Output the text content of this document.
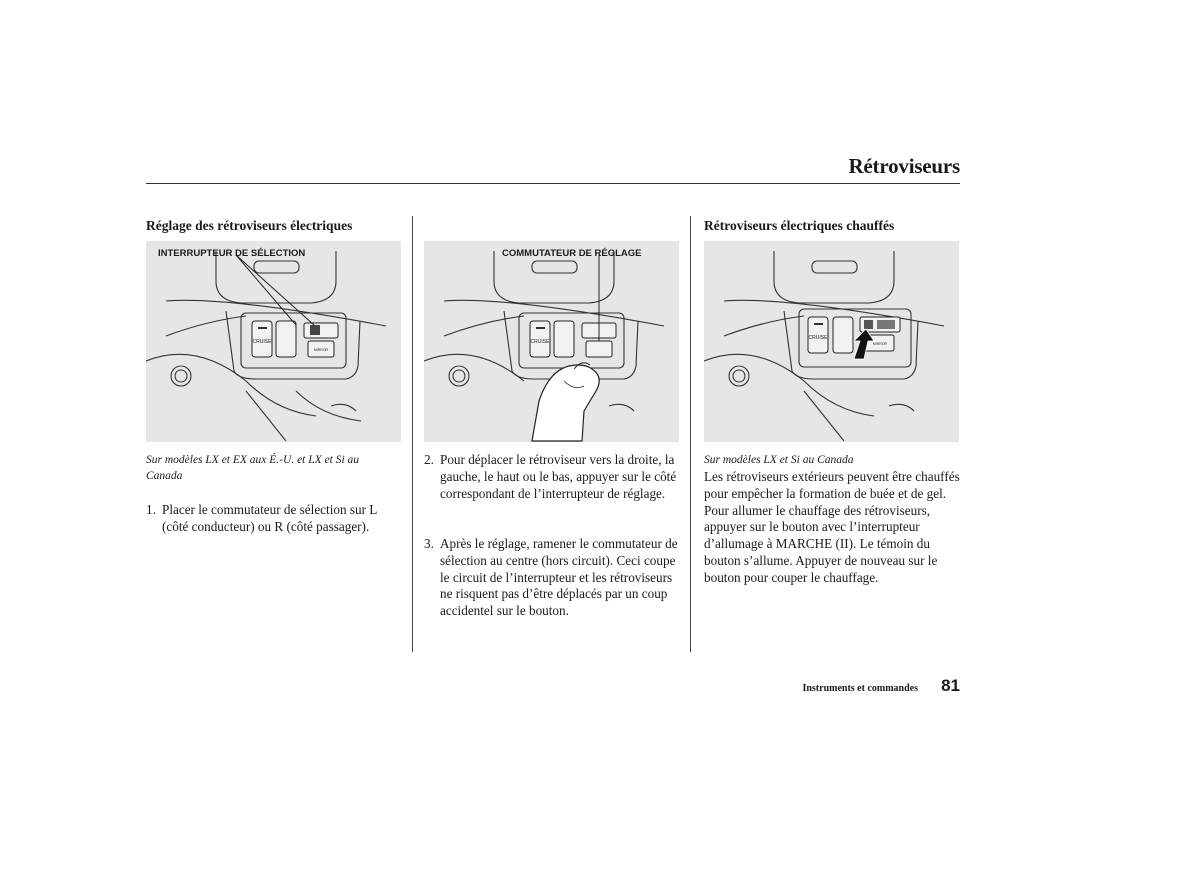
Rétroviseurs
Réglage des rétroviseurs électriques
CRUISE
MIRROR
INTERRUPTEUR DE SÉLECTION
Sur modèles LX et EX aux É.-U. et LX et Si au Canada
1. Placer le commutateur de sélection sur L (côté conducteur) ou R (côté passager).
CRUISE
COMMUTATEUR DE RÉGLAGE
2. Pour déplacer le rétroviseur vers la droite, la gauche, le haut ou le bas, appuyer sur le côté correspondant de l’interrupteur de réglage.
3. Après le réglage, ramener le commutateur de sélection au centre (hors circuit). Ceci coupe le circuit de l’interrupteur et les rétroviseurs ne risquent pas d’être déplacés par un coup accidentel sur le bouton.
Rétroviseurs électriques chauffés
CRUISE
MIRROR
Sur modèles LX et Si au Canada
Les rétroviseurs extérieurs peuvent être chauffés pour empêcher la formation de buée et de gel. Pour allumer le chauffage des rétroviseurs, appuyer sur le bouton avec l’interrupteur d’allumage à MARCHE (II). Le témoin du bouton s’allume. Appuyer de nouveau sur le bouton pour couper le chauffage.
Instruments et commandes 81
